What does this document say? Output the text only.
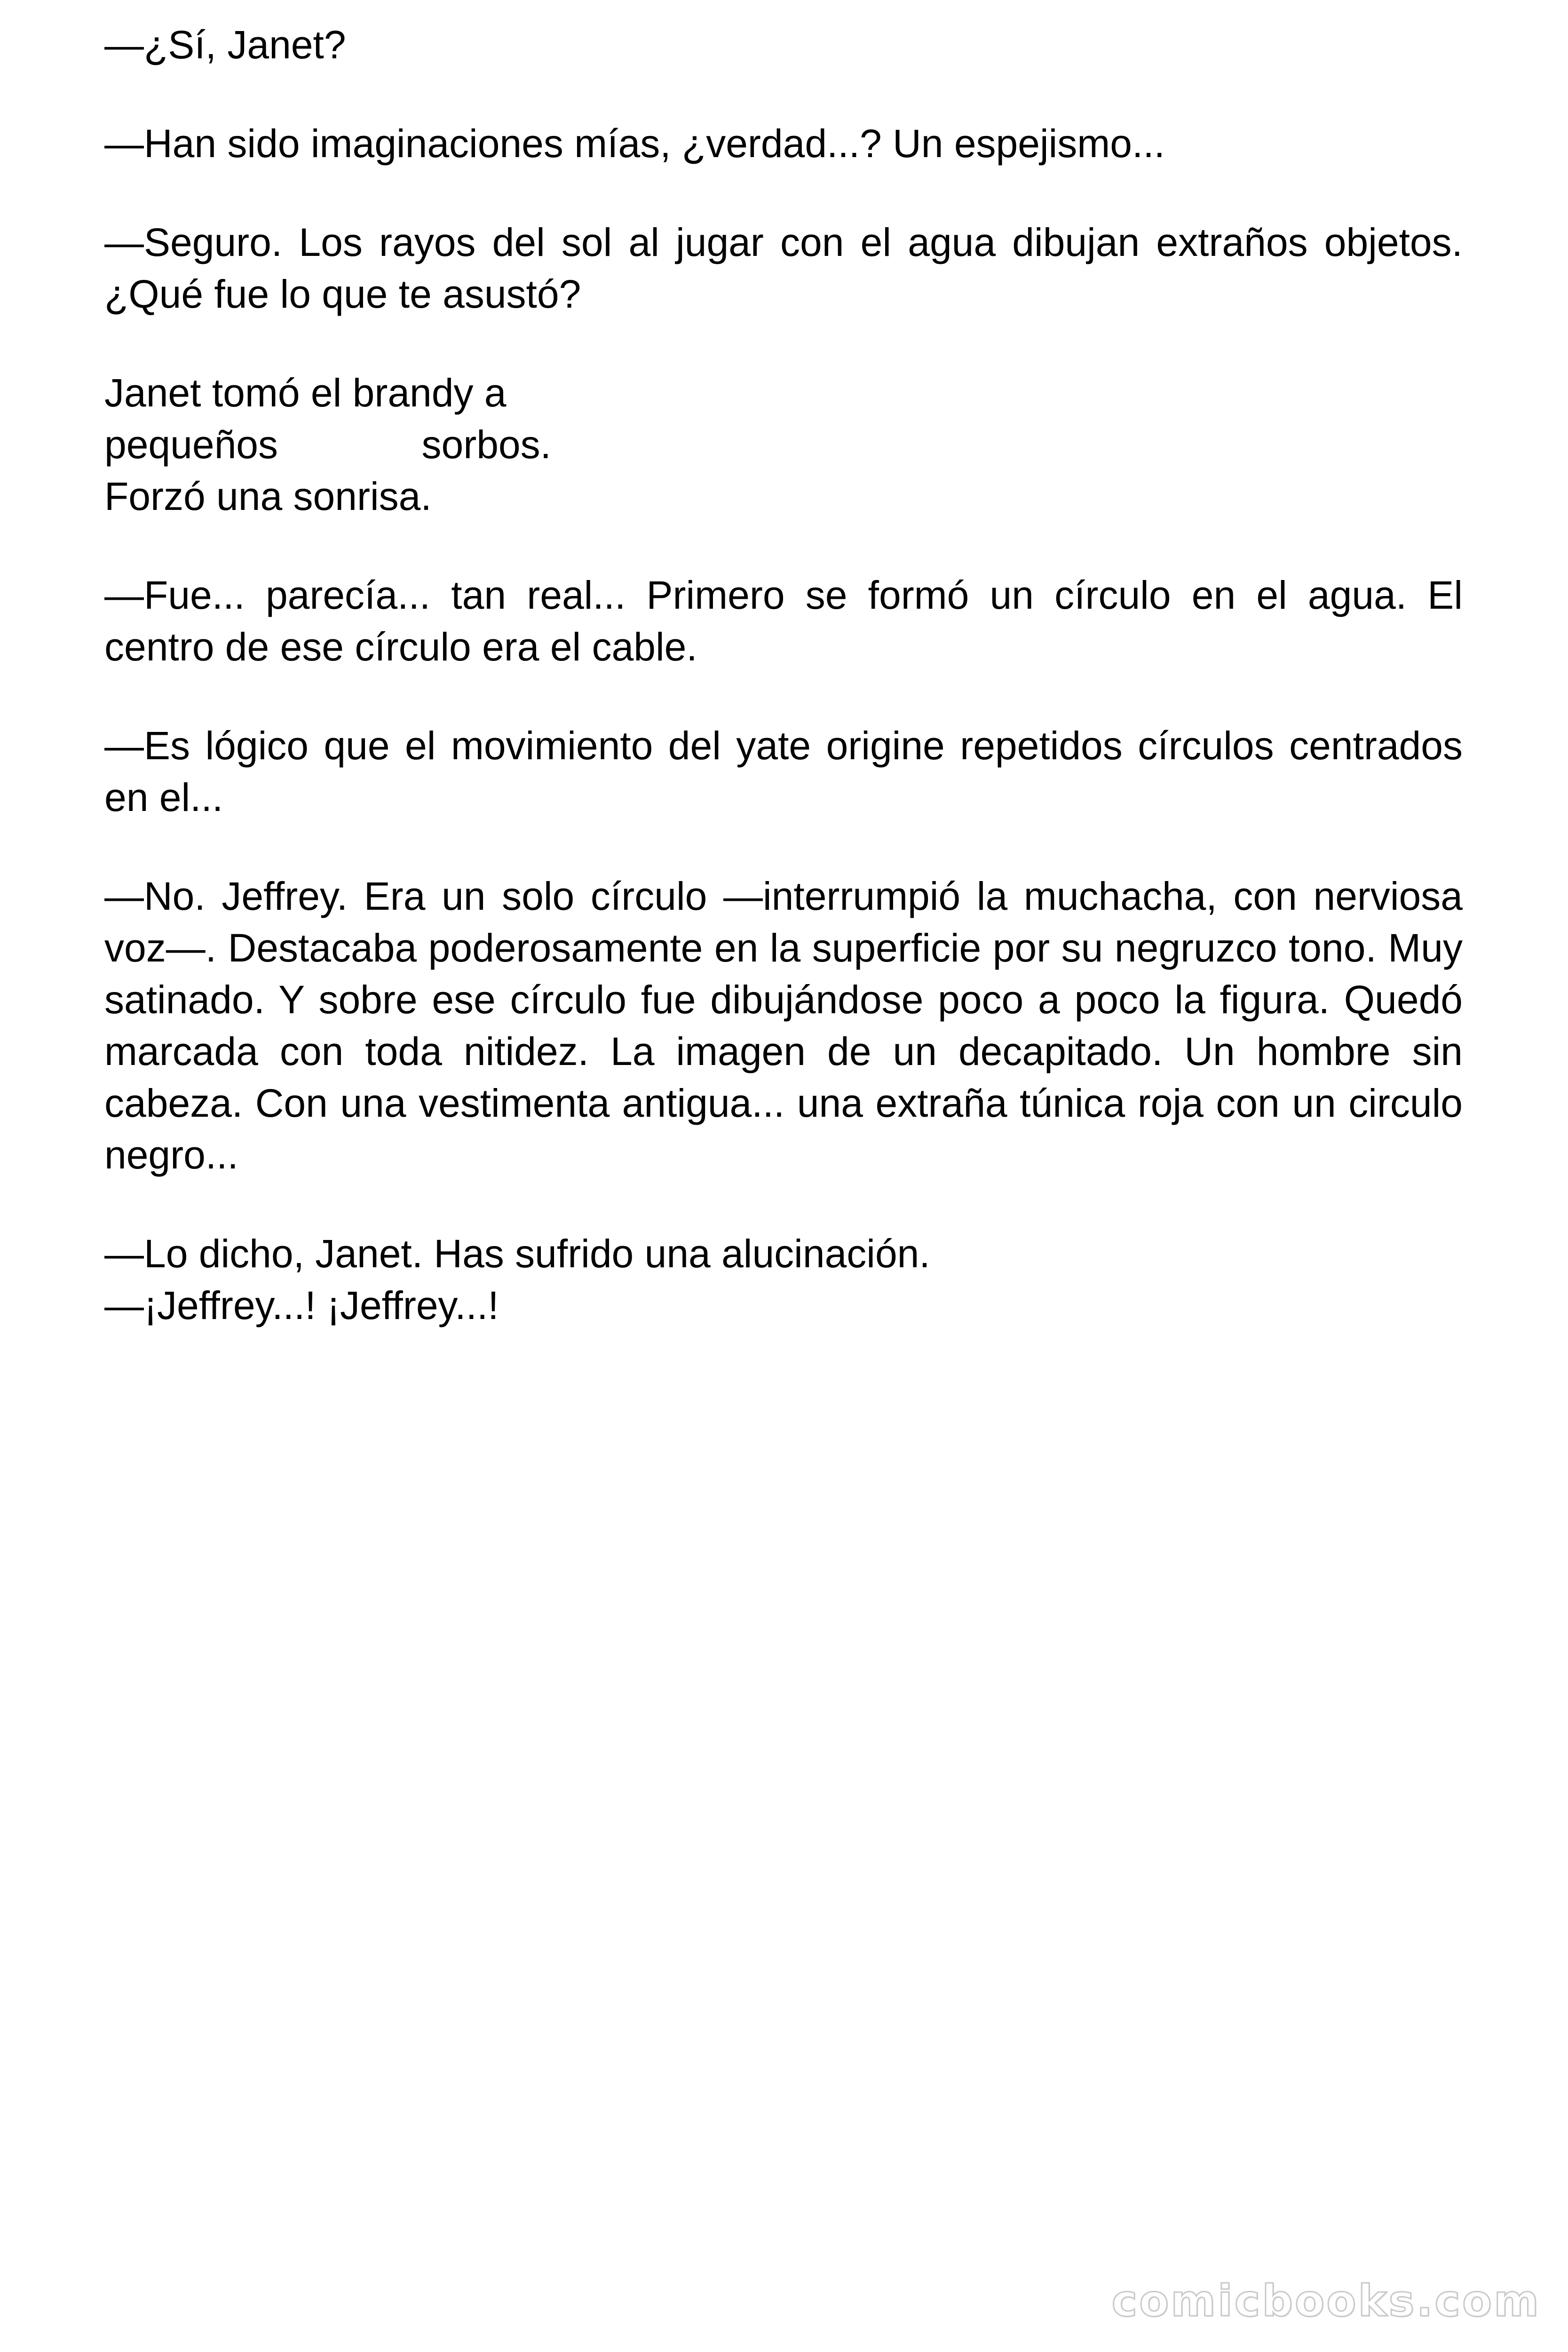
—¿Sí, Janet?

—Han sido imaginaciones mías, ¿verdad...? Un espejismo...

—Seguro. Los rayos del sol al jugar con el agua dibujan extraños objetos. ¿Qué fue lo que te asustó?

Janet tomó el brandy a
pequeños sorbos.
Forzó una sonrisa.

—Fue... parecía... tan real... Primero se formó un círculo en el agua. El centro de ese círculo era el cable.

—Es lógico que el movimiento del yate origine repetidos círculos centrados en el...

—No. Jeffrey. Era un solo círculo —interrumpió la muchacha, con nerviosa voz—. Destacaba poderosamente en la superficie por su negruzco tono. Muy satinado. Y sobre ese círculo fue dibujándose poco a poco la figura. Quedó marcada con toda nitidez. La imagen de un decapitado. Un hombre sin cabeza. Con una vestimenta antigua... una extraña túnica roja con un circulo negro...

—Lo dicho, Janet. Has sufrido una alucinación.

—¡Jeffrey...! ¡Jeffrey...!

comicbooks.com
